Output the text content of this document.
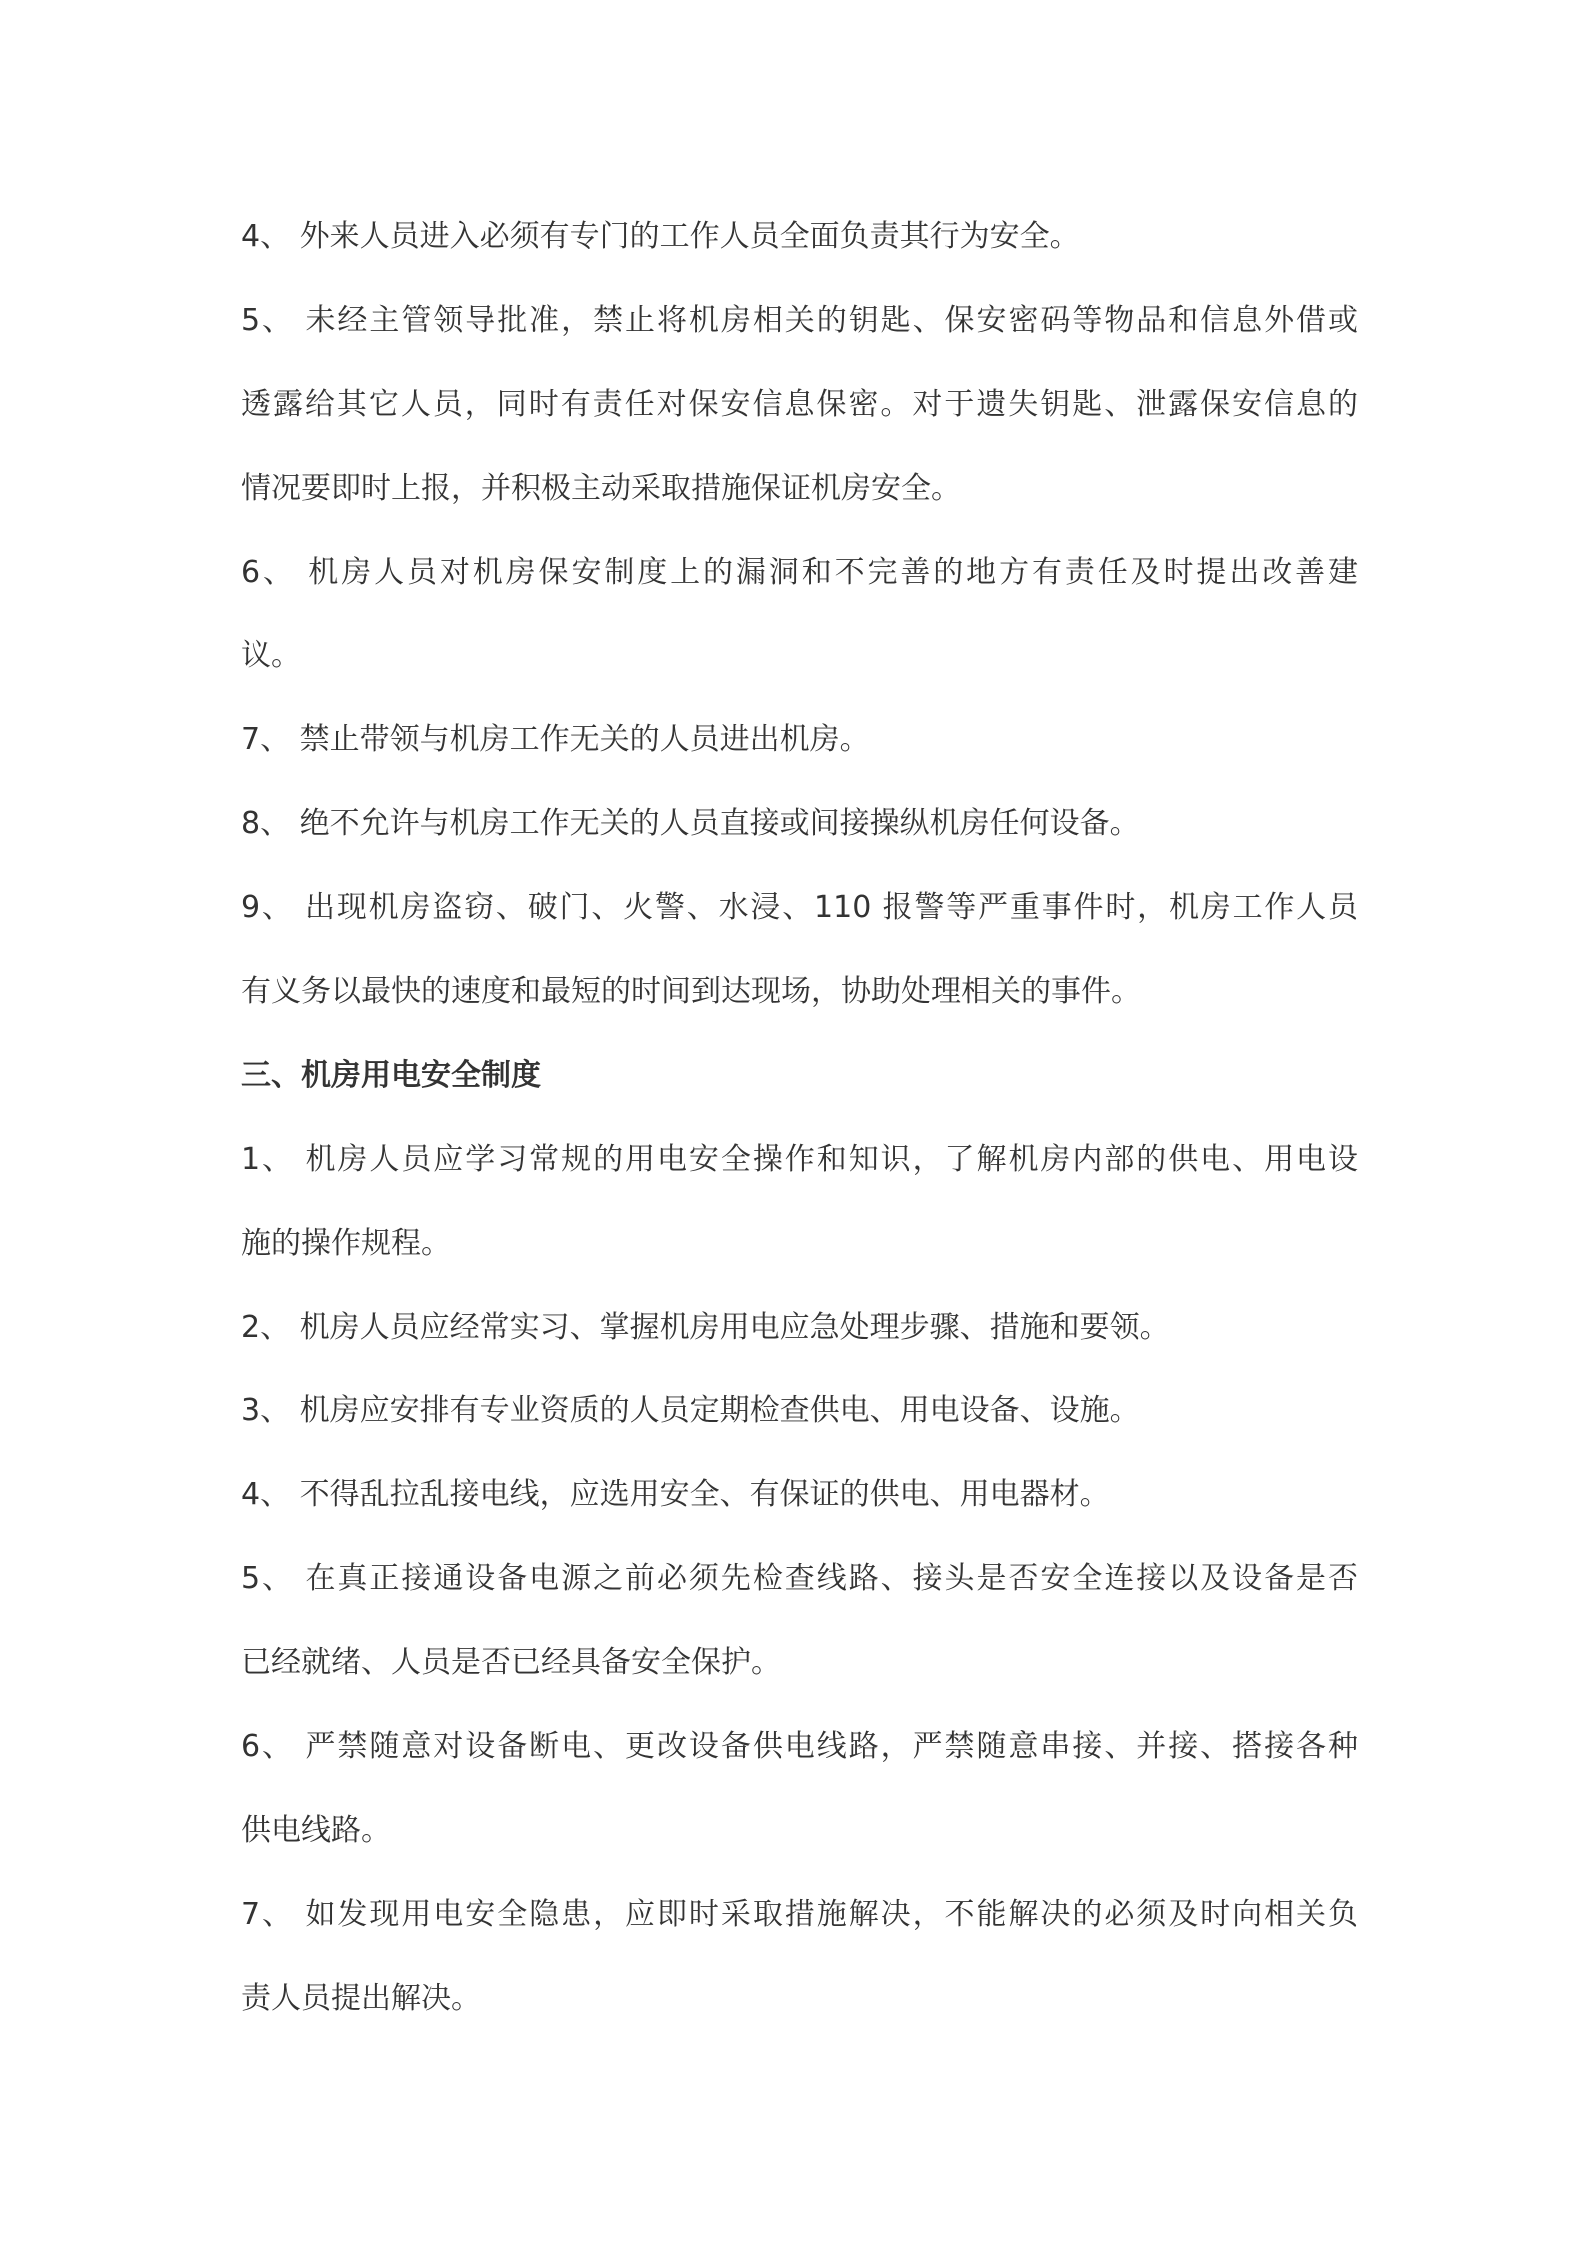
4、 外来人员进入必须有专门的工作人员全面负责其行为安全。
5、 未经主管领导批准，禁止将机房相关的钥匙、保安密码等物品和信息外借或
透露给其它人员，同时有责任对保安信息保密。对于遗失钥匙、泄露保安信息的
情况要即时上报，并积极主动采取措施保证机房安全。
6、 机房人员对机房保安制度上的漏洞和不完善的地方有责任及时提出改善建
议。
7、 禁止带领与机房工作无关的人员进出机房。
8、 绝不允许与机房工作无关的人员直接或间接操纵机房任何设备。
9、 出现机房盗窃、破门、火警、水浸、110 报警等严重事件时，机房工作人员
有义务以最快的速度和最短的时间到达现场，协助处理相关的事件。
三、机房用电安全制度
1、 机房人员应学习常规的用电安全操作和知识，了解机房内部的供电、用电设
施的操作规程。
2、 机房人员应经常实习、掌握机房用电应急处理步骤、措施和要领。
3、 机房应安排有专业资质的人员定期检查供电、用电设备、设施。
4、 不得乱拉乱接电线，应选用安全、有保证的供电、用电器材。
5、 在真正接通设备电源之前必须先检查线路、接头是否安全连接以及设备是否
已经就绪、人员是否已经具备安全保护。
6、 严禁随意对设备断电、更改设备供电线路，严禁随意串接、并接、搭接各种
供电线路。
7、 如发现用电安全隐患，应即时采取措施解决，不能解决的必须及时向相关负
责人员提出解决。
